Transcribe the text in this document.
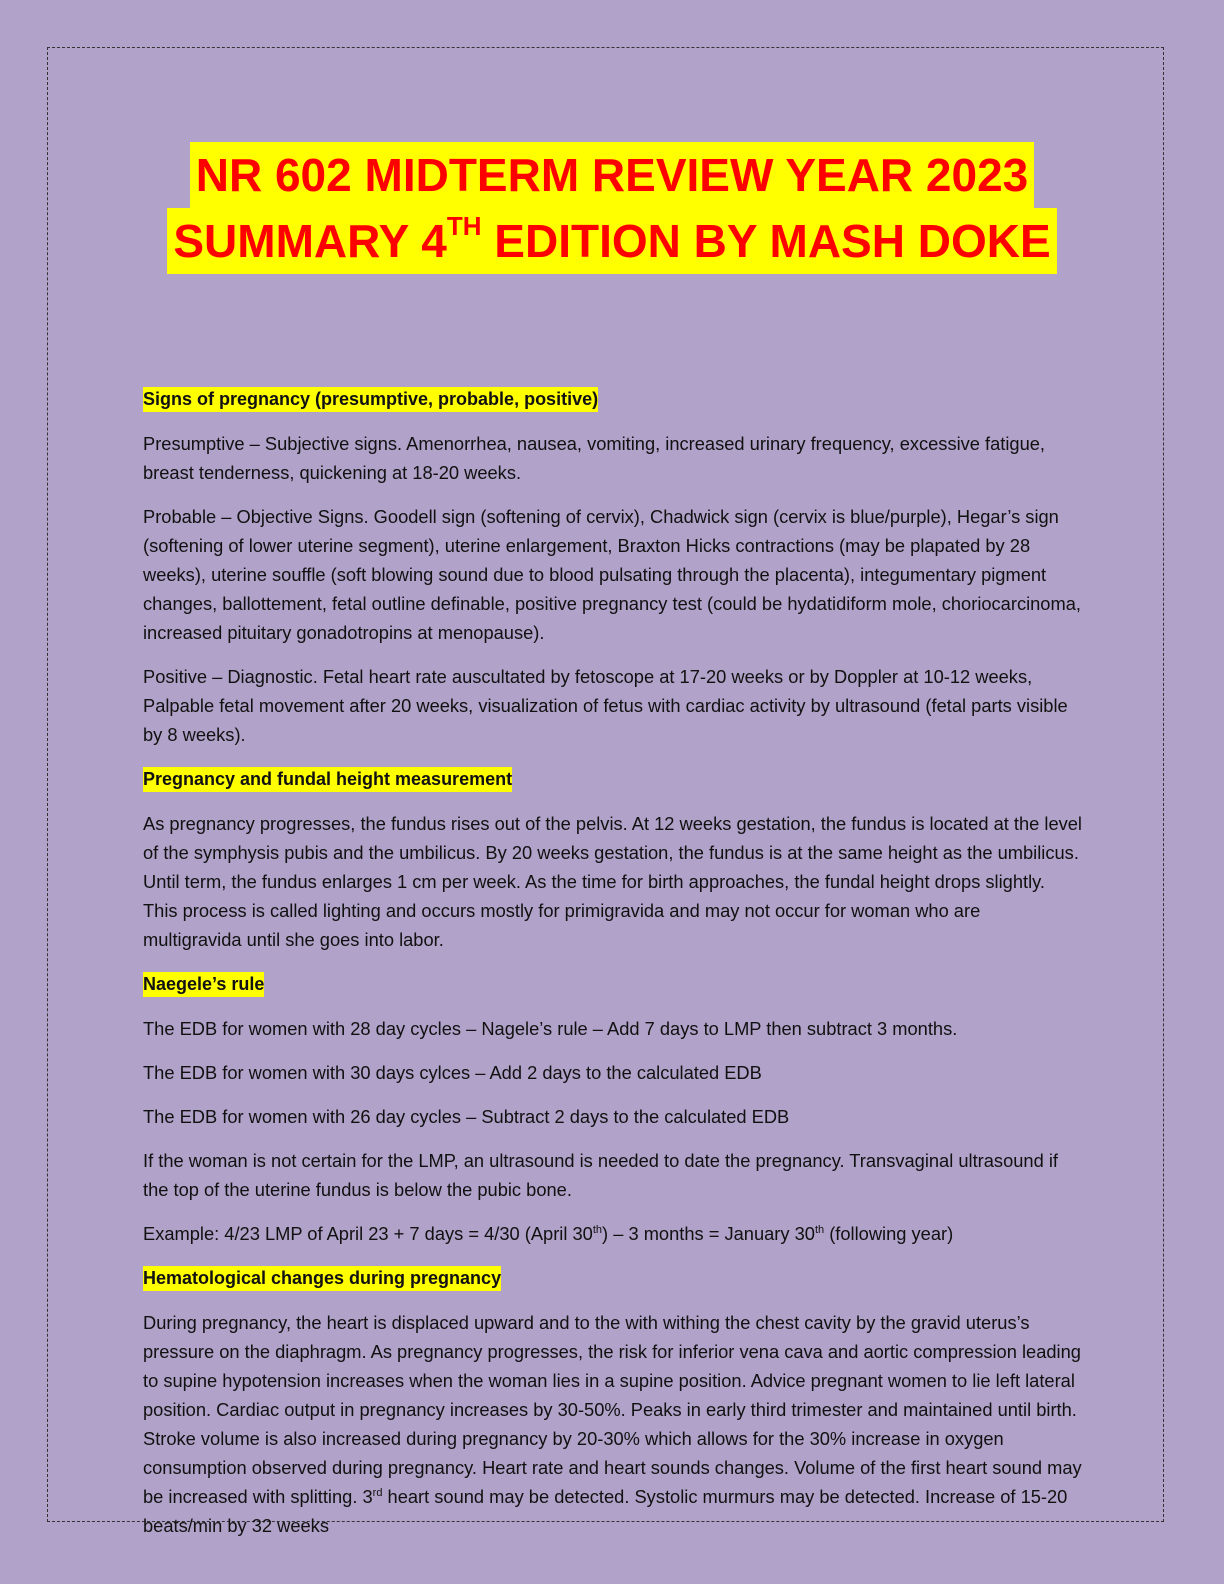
NR 602 MIDTERM REVIEW YEAR 2023
SUMMARY 4TH EDITION BY MASH DOKE
Signs of pregnancy (presumptive, probable, positive)

Presumptive – Subjective signs. Amenorrhea, nausea, vomiting, increased urinary frequency, excessive fatigue, breast tenderness, quickening at 18-20 weeks.

Probable – Objective Signs. Goodell sign (softening of cervix), Chadwick sign (cervix is blue/purple), Hegar’s sign (softening of lower uterine segment), uterine enlargement, Braxton Hicks contractions (may be plapated by 28 weeks), uterine souffle (soft blowing sound due to blood pulsating through the placenta), integumentary pigment changes, ballottement, fetal outline definable, positive pregnancy test (could be hydatidiform mole, choriocarcinoma, increased pituitary gonadotropins at menopause).

Positive – Diagnostic. Fetal heart rate auscultated by fetoscope at 17-20 weeks or by Doppler at 10-12 weeks, Palpable fetal movement after 20 weeks, visualization of fetus with cardiac activity by ultrasound (fetal parts visible by 8 weeks).

Pregnancy and fundal height measurement

As pregnancy progresses, the fundus rises out of the pelvis. At 12 weeks gestation, the fundus is located at the level of the symphysis pubis and the umbilicus. By 20 weeks gestation, the fundus is at the same height as the umbilicus. Until term, the fundus enlarges 1 cm per week. As the time for birth approaches, the fundal height drops slightly. This process is called lighting and occurs mostly for primigravida and may not occur for woman who are multigravida until she goes into labor.

Naegele’s rule

The EDB for women with 28 day cycles – Nagele’s rule – Add 7 days to LMP then subtract 3 months.

The EDB for women with 30 days cylces – Add 2 days to the calculated EDB

The EDB for women with 26 day cycles – Subtract 2 days to the calculated EDB

If the woman is not certain for the LMP, an ultrasound is needed to date the pregnancy. Transvaginal ultrasound if the top of the uterine fundus is below the pubic bone.

Example: 4/23 LMP of April 23 + 7 days = 4/30 (April 30th) – 3 months = January 30th (following year)

Hematological changes during pregnancy

During pregnancy, the heart is displaced upward and to the with withing the chest cavity by the gravid uterus’s pressure on the diaphragm. As pregnancy progresses, the risk for inferior vena cava and aortic compression leading to supine hypotension increases when the woman lies in a supine position. Advice pregnant women to lie left lateral position. Cardiac output in pregnancy increases by 30-50%. Peaks in early third trimester and maintained until birth. Stroke volume is also increased during pregnancy by 20-30% which allows for the 30% increase in oxygen consumption observed during pregnancy. Heart rate and heart sounds changes. Volume of the first heart sound may be increased with splitting. 3rd heart sound may be detected. Systolic murmurs may be detected. Increase of 15-20 beats/min by 32 weeks
